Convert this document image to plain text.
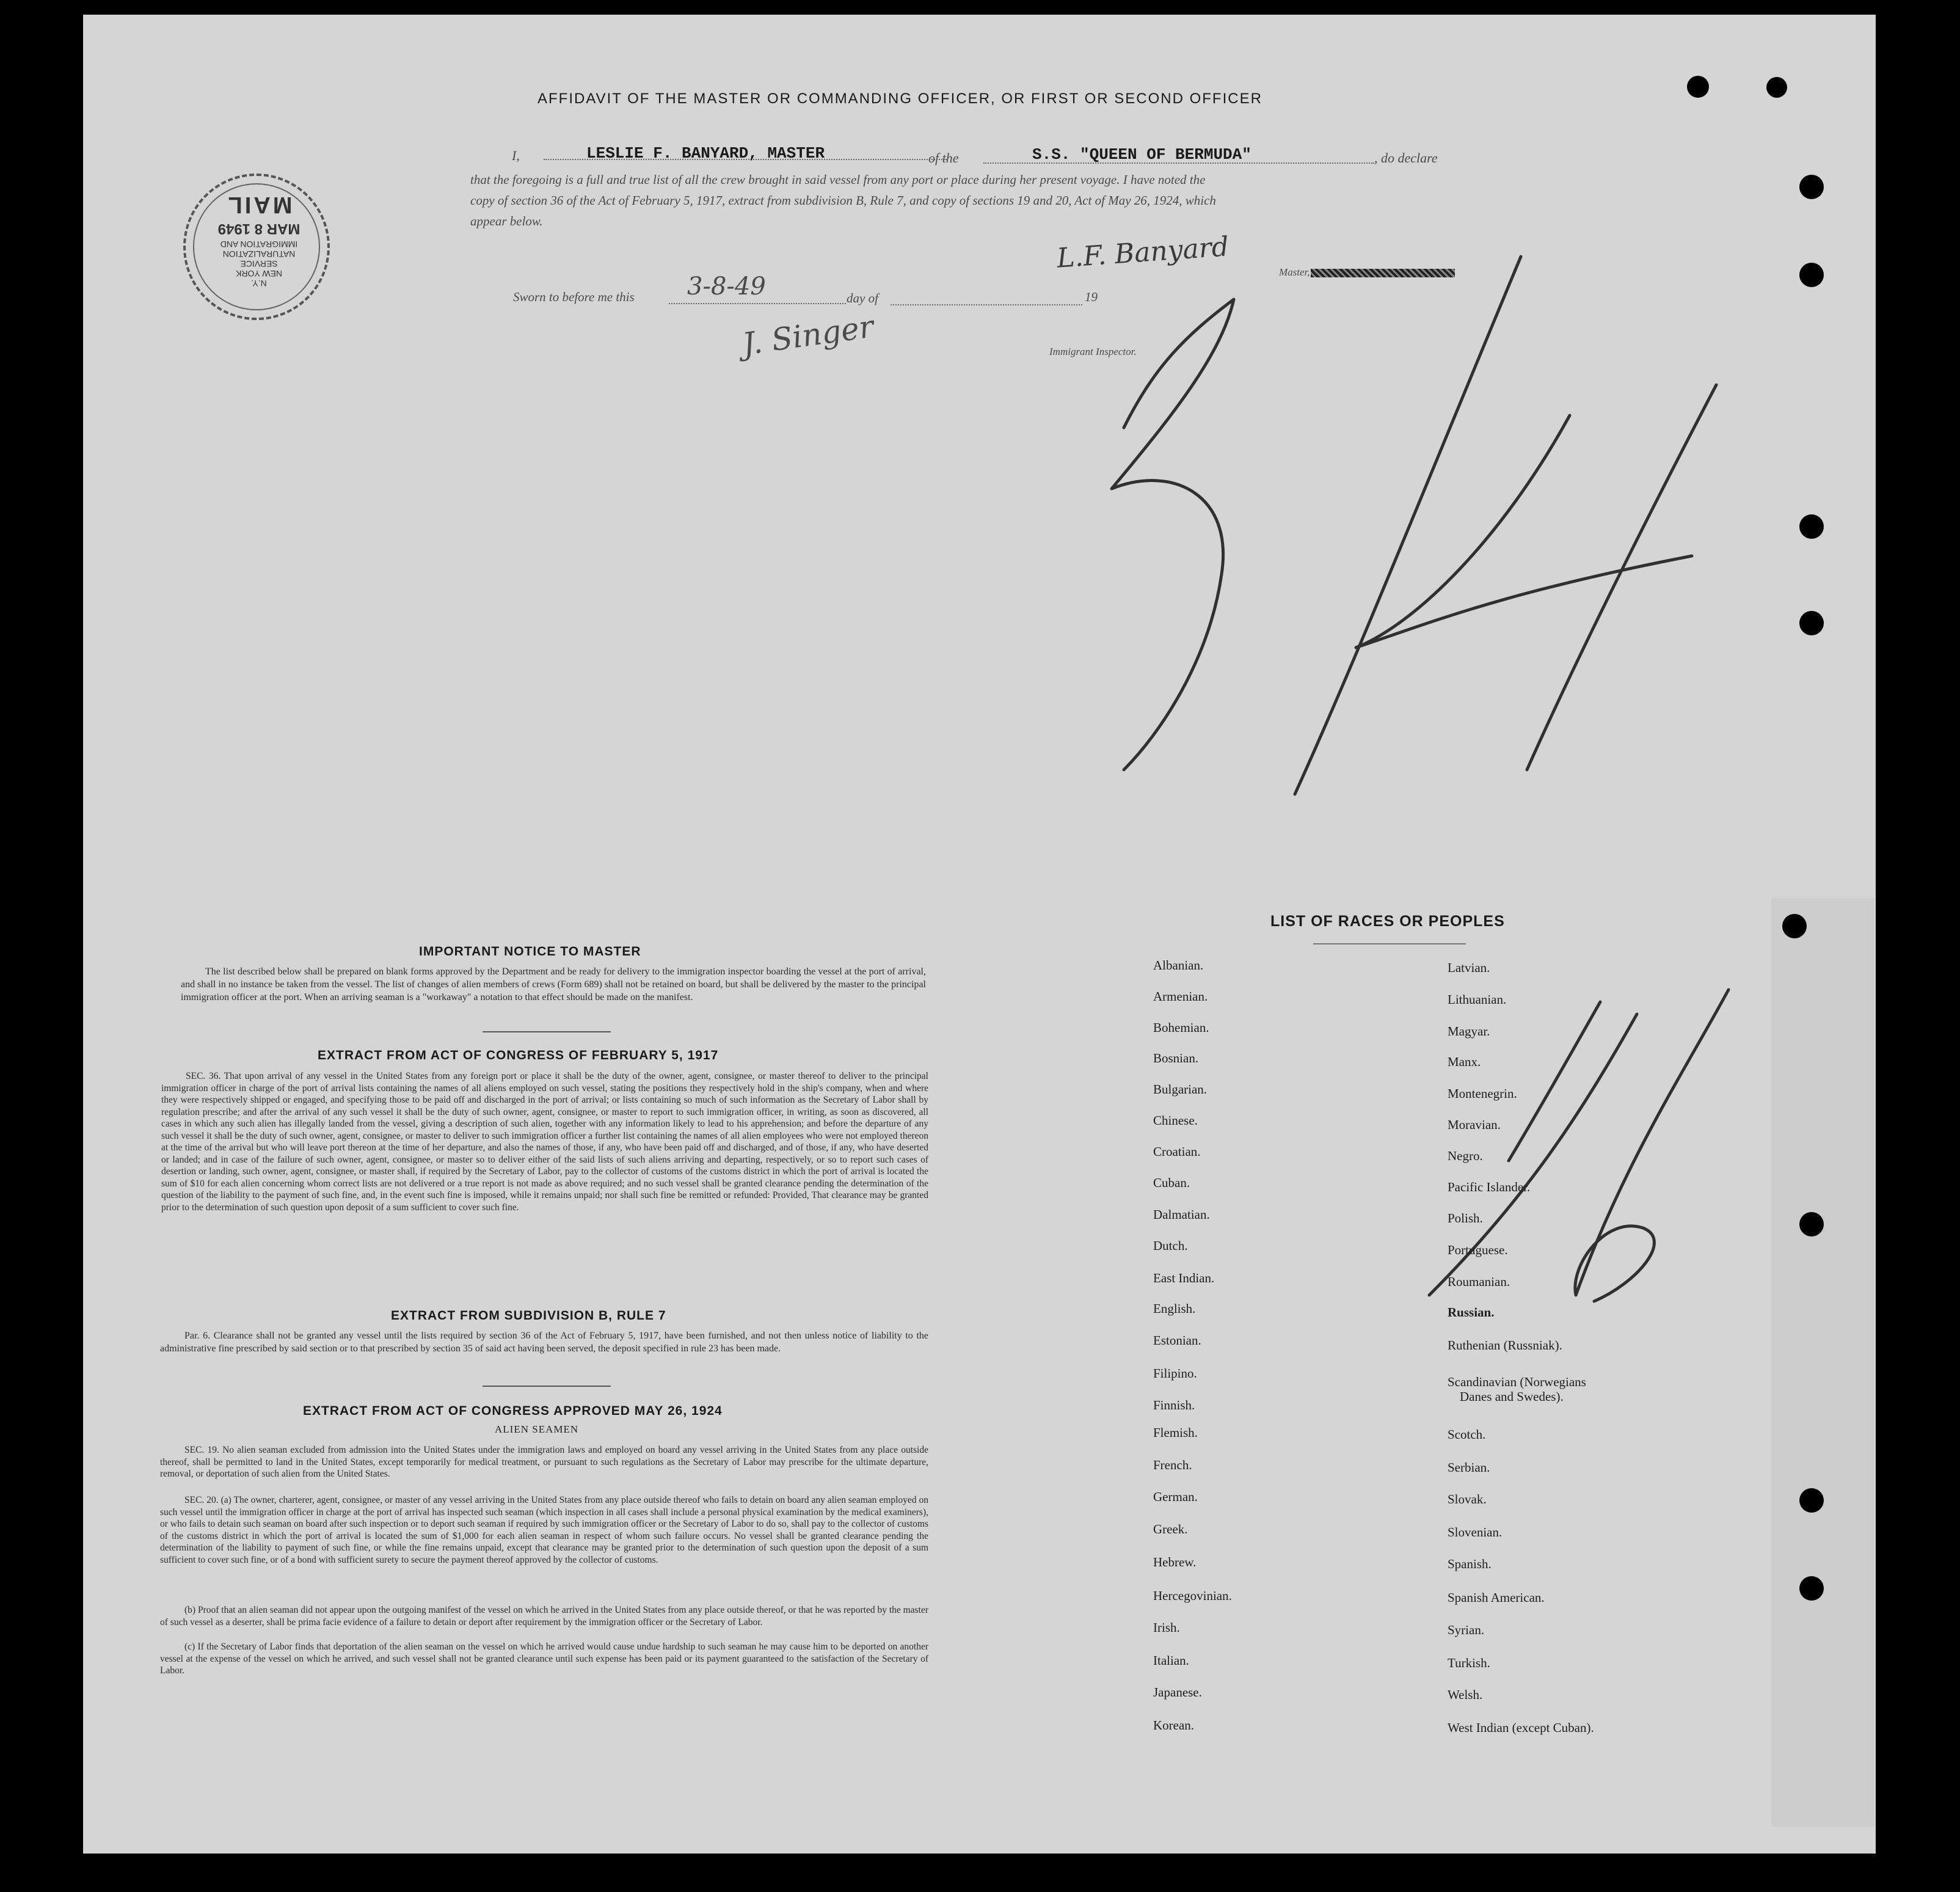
AFFIDAVIT OF THE MASTER OR COMMANDING OFFICER, OR FIRST OR SECOND OFFICER
I,	LESLIE F. BANYARD, MASTER	of the	S.S. "QUEEN OF BERMUDA"	, do declare
that the foregoing is a full and true list of all the crew brought in said vessel from any port or place during her present voyage. I have noted the
copy of section 36 of the Act of February 5, 1917, extract from subdivision B, Rule 7, and copy of sections 19 and 20, Act of May 26, 1924, which
appear below.
L.F. Banyard	Master,
Sworn to before me this 3-8-49	day of	19
J. Singer	Immigrant Inspector.
N.Y.
NEW YORK
SERVICE
NATURALIZATION
IMMIGRATION AND
MAR 8 1949
MAIL
IMPORTANT NOTICE TO MASTER
The list described below shall be prepared on blank forms approved by the Department and be ready for delivery to the immigration inspector boarding the vessel at the port of arrival, and shall in no instance be taken from the vessel. The list of changes of alien members of crews (Form 689) shall not be retained on board, but shall be delivered by the master to the principal immigration officer at the port. When an arriving seaman is a "workaway" a notation to that effect should be made on the manifest.
EXTRACT FROM ACT OF CONGRESS OF FEBRUARY 5, 1917
SEC. 36. That upon arrival of any vessel in the United States from any foreign port or place it shall be the duty of the owner, agent, consignee, or master thereof to deliver to the principal immigration officer in charge of the port of arrival lists containing the names of all aliens employed on such vessel, stating the positions they respectively hold in the ship's company, when and where they were respectively shipped or engaged, and specifying those to be paid off and discharged in the port of arrival; or lists containing so much of such information as the Secretary of Labor shall by regulation prescribe; and after the arrival of any such vessel it shall be the duty of such owner, agent, consignee, or master to report to such immigration officer, in writing, as soon as discovered, all cases in which any such alien has illegally landed from the vessel, giving a description of such alien, together with any information likely to lead to his apprehension; and before the departure of any such vessel it shall be the duty of such owner, agent, consignee, or master to deliver to such immigration officer a further list containing the names of all alien employees who were not employed thereon at the time of the arrival but who will leave port thereon at the time of her departure, and also the names of those, if any, who have been paid off and discharged, and of those, if any, who have deserted or landed; and in case of the failure of such owner, agent, consignee, or master so to deliver either of the said lists of such aliens arriving and departing, respectively, or so to report such cases of desertion or landing, such owner, agent, consignee, or master shall, if required by the Secretary of Labor, pay to the collector of customs of the customs district in which the port of arrival is located the sum of $10 for each alien concerning whom correct lists are not delivered or a true report is not made as above required; and no such vessel shall be granted clearance pending the determination of the question of the liability to the payment of such fine, and, in the event such fine is imposed, while it remains unpaid; nor shall such fine be remitted or refunded: Provided, That clearance may be granted prior to the determination of such question upon deposit of a sum sufficient to cover such fine.
EXTRACT FROM SUBDIVISION B, RULE 7
Par. 6. Clearance shall not be granted any vessel until the lists required by section 36 of the Act of February 5, 1917, have been furnished, and not then unless notice of liability to the administrative fine prescribed by said section or to that prescribed by section 35 of said act having been served, the deposit specified in rule 23 has been made.
EXTRACT FROM ACT OF CONGRESS APPROVED MAY 26, 1924
ALIEN SEAMEN
SEC. 19. No alien seaman excluded from admission into the United States under the immigration laws and employed on board any vessel arriving in the United States from any place outside thereof, shall be permitted to land in the United States, except temporarily for medical treatment, or pursuant to such regulations as the Secretary of Labor may prescribe for the ultimate departure, removal, or deportation of such alien from the United States.
SEC. 20. (a) The owner, charterer, agent, consignee, or master of any vessel arriving in the United States from any place outside thereof who fails to detain on board any alien seaman employed on such vessel until the immigration officer in charge at the port of arrival has inspected such seaman (which inspection in all cases shall include a personal physical examination by the medical examiners), or who fails to detain such seaman on board after such inspection or to deport such seaman if required by such immigration officer or the Secretary of Labor to do so, shall pay to the collector of customs of the customs district in which the port of arrival is located the sum of $1,000 for each alien seaman in respect of whom such failure occurs. No vessel shall be granted clearance pending the determination of the liability to payment of such fine, or while the fine remains unpaid, except that clearance may be granted prior to the determination of such question upon the deposit of a sum sufficient to cover such fine, or of a bond with sufficient surety to secure the payment thereof approved by the collector of customs.
(b) Proof that an alien seaman did not appear upon the outgoing manifest of the vessel on which he arrived in the United States from any place outside thereof, or that he was reported by the master of such vessel as a deserter, shall be prima facie evidence of a failure to detain or deport after requirement by the immigration officer or the Secretary of Labor.
(c) If the Secretary of Labor finds that deportation of the alien seaman on the vessel on which he arrived would cause undue hardship to such seaman he may cause him to be deported on another vessel at the expense of the vessel on which he arrived, and such vessel shall not be granted clearance until such expense has been paid or its payment guaranteed to the satisfaction of the Secretary of Labor.
LIST OF RACES OR PEOPLES
Albanian.
Armenian.
Bohemian.
Bosnian.
Bulgarian.
Chinese.
Croatian.
Cuban.
Dalmatian.
Dutch.
East Indian.
English.
Estonian.
Filipino.
Finnish.
Flemish.
French.
German.
Greek.
Hebrew.
Hercegovinian.
Irish.
Italian.
Japanese.
Korean.
Latvian.
Lithuanian.
Magyar.
Manx.
Montenegrin.
Moravian.
Negro.
Pacific Islander.
Polish.
Portuguese.
Roumanian.
Russian.
Ruthenian (Russniak).
Scandinavian (Norwegians
Danes and Swedes).
Scotch.
Serbian.
Slovak.
Slovenian.
Spanish.
Spanish American.
Syrian.
Turkish.
Welsh.
West Indian (except Cuban).
